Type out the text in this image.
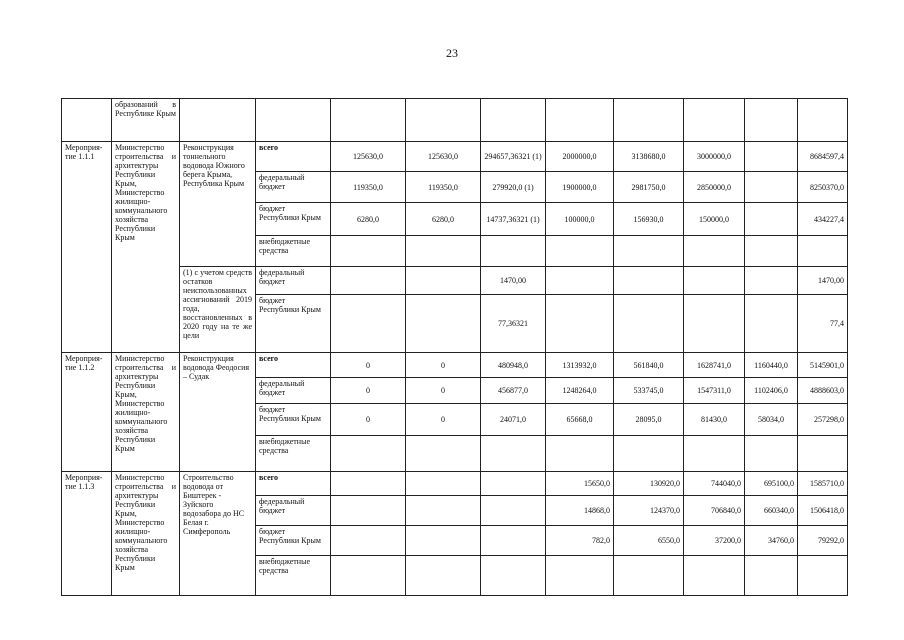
23
	образований в Республике Крым										
Мероприя-тие 1.1.1	Министерство строительства и архитектуры Республики Крым, Министерство жилищно-коммунального хозяйства Республики Крым	Реконструкция тоннельного водовода Южного берега Крыма, Республика Крым	всего	125630,0	125630,0	294657,36321 (1)	2000000,0	3138680,0	3000000,0		8684597,4
			федеральный бюджет	119350,0	119350,0	279920,0 (1)	1900000,0	2981750,0	2850000,0		8250370,0
			бюджет Республики Крым	6280,0	6280,0	14737,36321 (1)	100000,0	156930,0	150000,0		434227,4
			внебюджетные средства								
		(1) с учетом средств остатков неиспользованных ассигнований 2019 года, восстановленных в 2020 году на те же цели	федеральный бюджет			1470,00					1470,00
			бюджет Республики Крым			77,36321					77,4
Мероприя-тие 1.1.2	Министерство строительства и архитектуры Республики Крым, Министерство жилищно-коммунального хозяйства Республики Крым	Реконструкция водовода Феодосия – Судак	всего	0	0	480948,0	1313932,0	561840,0	1628741,0	1160440,0	5145901,0
			федеральный бюджет	0	0	456877,0	1248264,0	533745,0	1547311,0	1102406,0	4888603,0
			бюджет Республики Крым	0	0	24071,0	65668,0	28095,0	81430,0	58034,0	257298,0
			внебюджетные средства								
Мероприя-тие 1.1.3	Министерство строительства и архитектуры Республики Крым, Министерство жилищно-коммунального хозяйства Республики Крым	Строительство водовода от Биштерек - Зуйского водозабора до НС Белая г. Симферополь	всего				15650,0	130920,0	744040,0	695100,0	1585710,0
			федеральный бюджет				14868,0	124370,0	706840,0	660340,0	1506418,0
			бюджет Республики Крым				782,0	6550,0	37200,0	34760,0	79292,0
			внебюджетные средства								
